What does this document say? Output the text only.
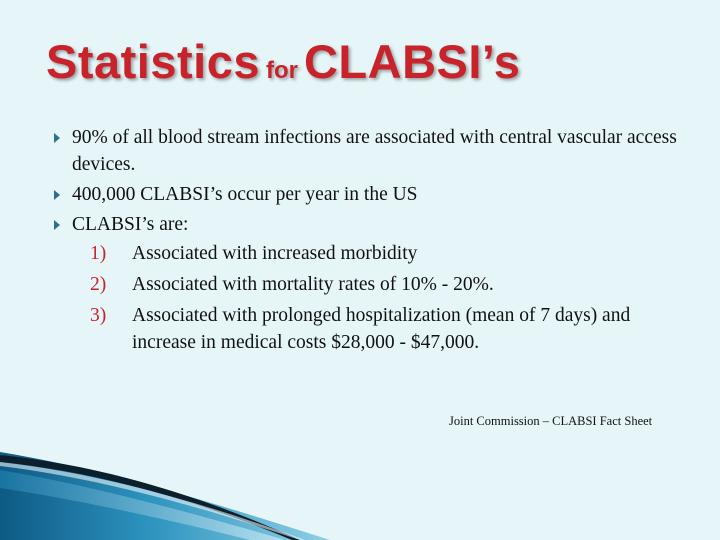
Statistics for CLABSI’s
90% of all blood stream infections are associated with central vascular access devices.
400,000 CLABSI’s occur per year in the US
CLABSI’s are:
1) Associated with increased morbidity
2) Associated with mortality rates of 10% - 20%.
3) Associated with prolonged hospitalization (mean of 7 days) and increase in medical costs $28,000 - $47,000.
Joint Commission – CLABSI Fact Sheet
